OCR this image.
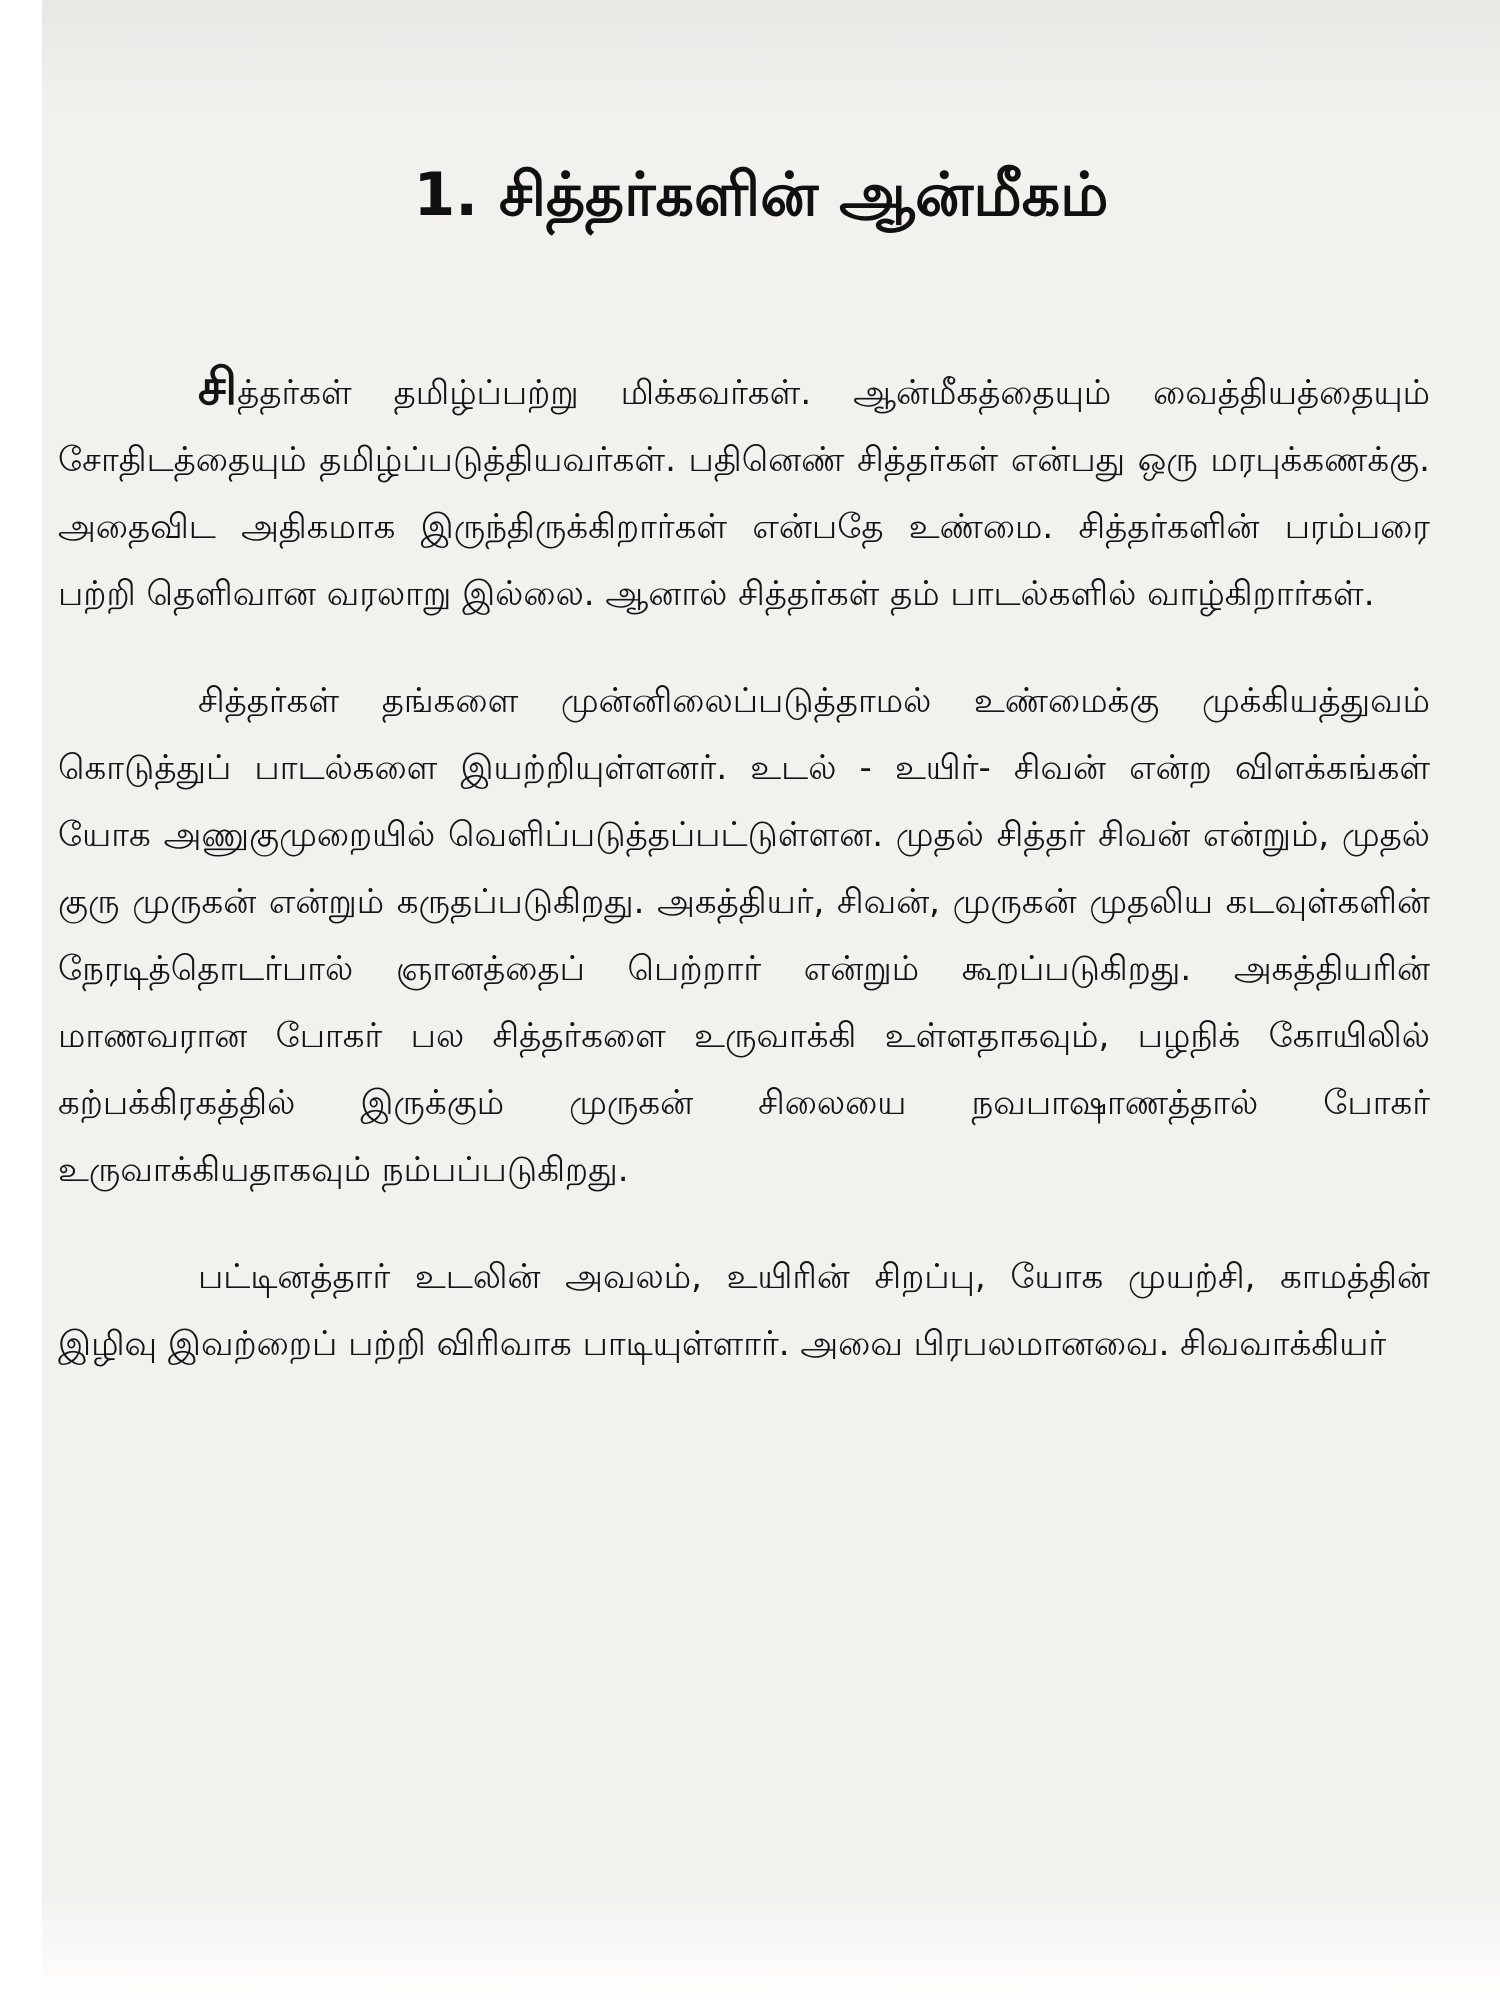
1. சித்தர்களின் ஆன்மீகம்

சித்தர்கள் தமிழ்ப்பற்று மிக்கவர்கள். ஆன்மீகத்தையும் வைத்தியத்தையும் சோதிடத்தையும் தமிழ்ப்படுத்தியவர்கள். பதினெண் சித்தர்கள் என்பது ஒரு மரபுக்கணக்கு. அதைவிட அதிகமாக இருந்திருக்கிறார்கள் என்பதே உண்மை. சித்தர்களின் பரம்பரை பற்றி தெளிவான வரலாறு இல்லை. ஆனால் சித்தர்கள் தம் பாடல்களில் வாழ்கிறார்கள்.

சித்தர்கள் தங்களை முன்னிலைப்படுத்தாமல் உண்மைக்கு முக்கியத்துவம் கொடுத்துப் பாடல்களை இயற்றியுள்ளனர். உடல் - உயிர்- சிவன் என்ற விளக்கங்கள் யோக அணுகுமுறையில் வெளிப்படுத்தப்பட்டுள்ளன. முதல் சித்தர் சிவன் என்றும், முதல் குரு முருகன் என்றும் கருதப்படுகிறது. அகத்தியர், சிவன், முருகன் முதலிய கடவுள்களின் நேரடித்தொடர்பால் ஞானத்தைப் பெற்றார் என்றும் கூறப்படுகிறது. அகத்தியரின் மாணவரான போகர் பல சித்தர்களை உருவாக்கி உள்ளதாகவும், பழநிக் கோயிலில் கற்பக்கிரகத்தில் இருக்கும் முருகன் சிலையை நவபாஷாணத்தால் போகர் உருவாக்கியதாகவும் நம்பப்படுகிறது.

பட்டினத்தார் உடலின் அவலம், உயிரின் சிறப்பு, யோக முயற்சி, காமத்தின் இழிவு இவற்றைப் பற்றி விரிவாக பாடியுள்ளார். அவை பிரபலமானவை. சிவவாக்கியர்
